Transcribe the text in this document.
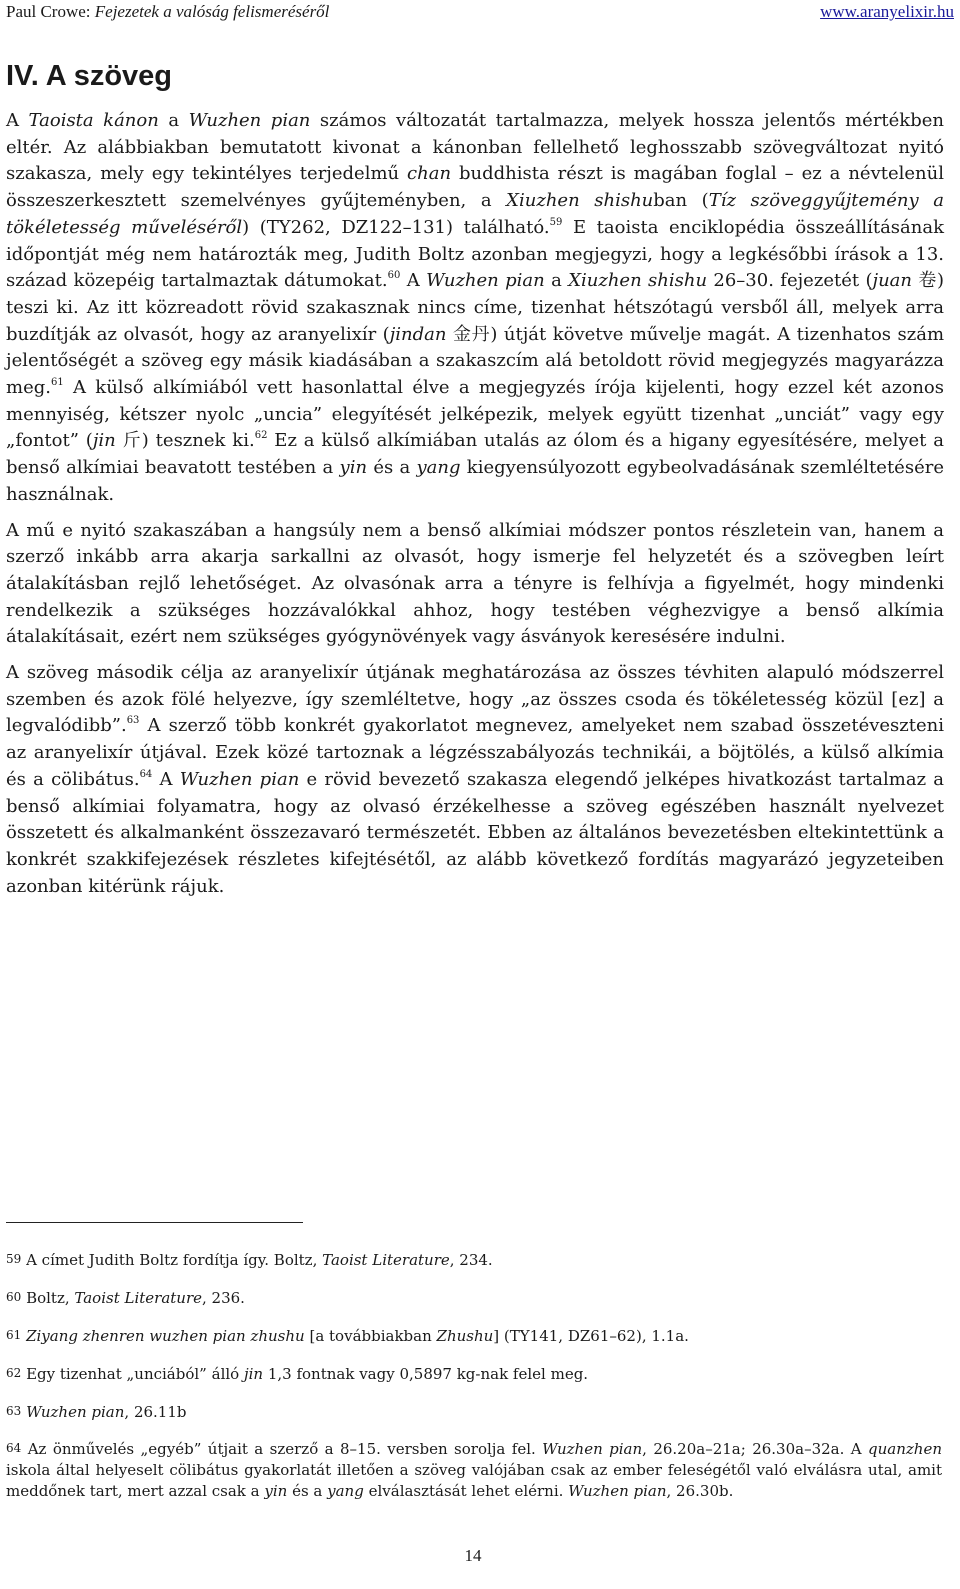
Paul Crowe: Fejezetek a valóság felismeréséről	www.aranyelixir.hu
IV. A szöveg

A Taoista kánon a Wuzhen pian számos változatát tartalmazza, melyek hossza jelentős mértékben eltér. Az alábbiakban bemutatott kivonat a kánonban fellelhető leghosszabb szövegváltozat nyitó szakasza, mely egy tekintélyes terjedelmű chan buddhista részt is magában foglal – ez a névtelenül összeszerkesztett szemelvényes gyűjteményben, a Xiuzhen shishuban (Tíz szöveggyűjtemény a tökéletesség műveléséről) (TY262, DZ122–131) található.$^{59}$ E taoista enciklopédia összeállításának időpontját még nem határozták meg, Judith Boltz azonban megjegyzi, hogy a legkésőbbi írások a 13. század közepéig tartalmaztak dátumokat.$^{60}$ A Wuzhen pian a Xiuzhen shishu 26–30. fejezetét (juan 卷) teszi ki. Az itt közreadott rövid szakasznak nincs címe, tizenhat hétszótagú versből áll, melyek arra buzdítják az olvasót, hogy az aranyelixír (jindan 金丹) útját követve művelje magát. A tizenhatos szám jelentőségét a szöveg egy másik kiadásában a szakaszcím alá betoldott rövid megjegyzés magyarázza meg.$^{61}$ A külső alkímiából vett hasonlattal élve a megjegyzés írója kijelenti, hogy ezzel két azonos mennyiség, kétszer nyolc „uncia” elegyítését jelképezik, melyek együtt tizenhat „unciát” vagy egy „fontot” (jin 斤) tesznek ki.$^{62}$ Ez a külső alkímiában utalás az ólom és a higany egyesítésére, melyet a benső alkímiai beavatott testében a yin és a yang kiegyensúlyozott egybeolvadásának szemléltetésére használnak.

A mű e nyitó szakaszában a hangsúly nem a benső alkímiai módszer pontos részletein van, hanem a szerző inkább arra akarja sarkallni az olvasót, hogy ismerje fel helyzetét és a szövegben leírt átalakításban rejlő lehetőséget. Az olvasónak arra a tényre is felhívja a figyelmét, hogy mindenki rendelkezik a szükséges hozzávalókkal ahhoz, hogy testében véghezvigye a benső alkímia átalakításait, ezért nem szükséges gyógynövények vagy ásványok keresésére indulni.

A szöveg második célja az aranyelixír útjának meghatározása az összes tévhiten alapuló módszerrel szemben és azok fölé helyezve, így szemléltetve, hogy „az összes csoda és tökéletesség közül [ez] a legvalódibb”.$^{63}$ A szerző több konkrét gyakorlatot megnevez, amelyeket nem szabad összetéveszteni az aranyelixír útjával. Ezek közé tartoznak a légzésszabályozás technikái, a böjtölés, a külső alkímia és a cölibátus.$^{64}$ A Wuzhen pian e rövid bevezető szakasza elegendő jelképes hivatkozást tartalmaz a benső alkímiai folyamatra, hogy az olvasó érzékelhesse a szöveg egészében használt nyelvezet összetett és alkalmanként összezavaró természetét. Ebben az általános bevezetésben eltekintettünk a konkrét szakkifejezések részletes kifejtésétől, az alább következő fordítás magyarázó jegyzeteiben azonban kitérünk rájuk.

59 A címet Judith Boltz fordítja így. Boltz, Taoist Literature, 234.

60 Boltz, Taoist Literature, 236.

61 Ziyang zhenren wuzhen pian zhushu [a továbbiakban Zhushu] (TY141, DZ61–62), 1.1a.

62 Egy tizenhat „unciából” álló jin 1,3 fontnak vagy 0,5897 kg-nak felel meg.

63 Wuzhen pian, 26.11b

64 Az önművelés „egyéb” útjait a szerző a 8–15. versben sorolja fel. Wuzhen pian, 26.20a–21a; 26.30a–32a. A quanzhen iskola által helyeselt cölibátus gyakorlatát illetően a szöveg valójában csak az ember feleségétől való elválásra utal, amit meddőnek tart, mert azzal csak a yin és a yang elválasztását lehet elérni. Wuzhen pian, 26.30b.

14
